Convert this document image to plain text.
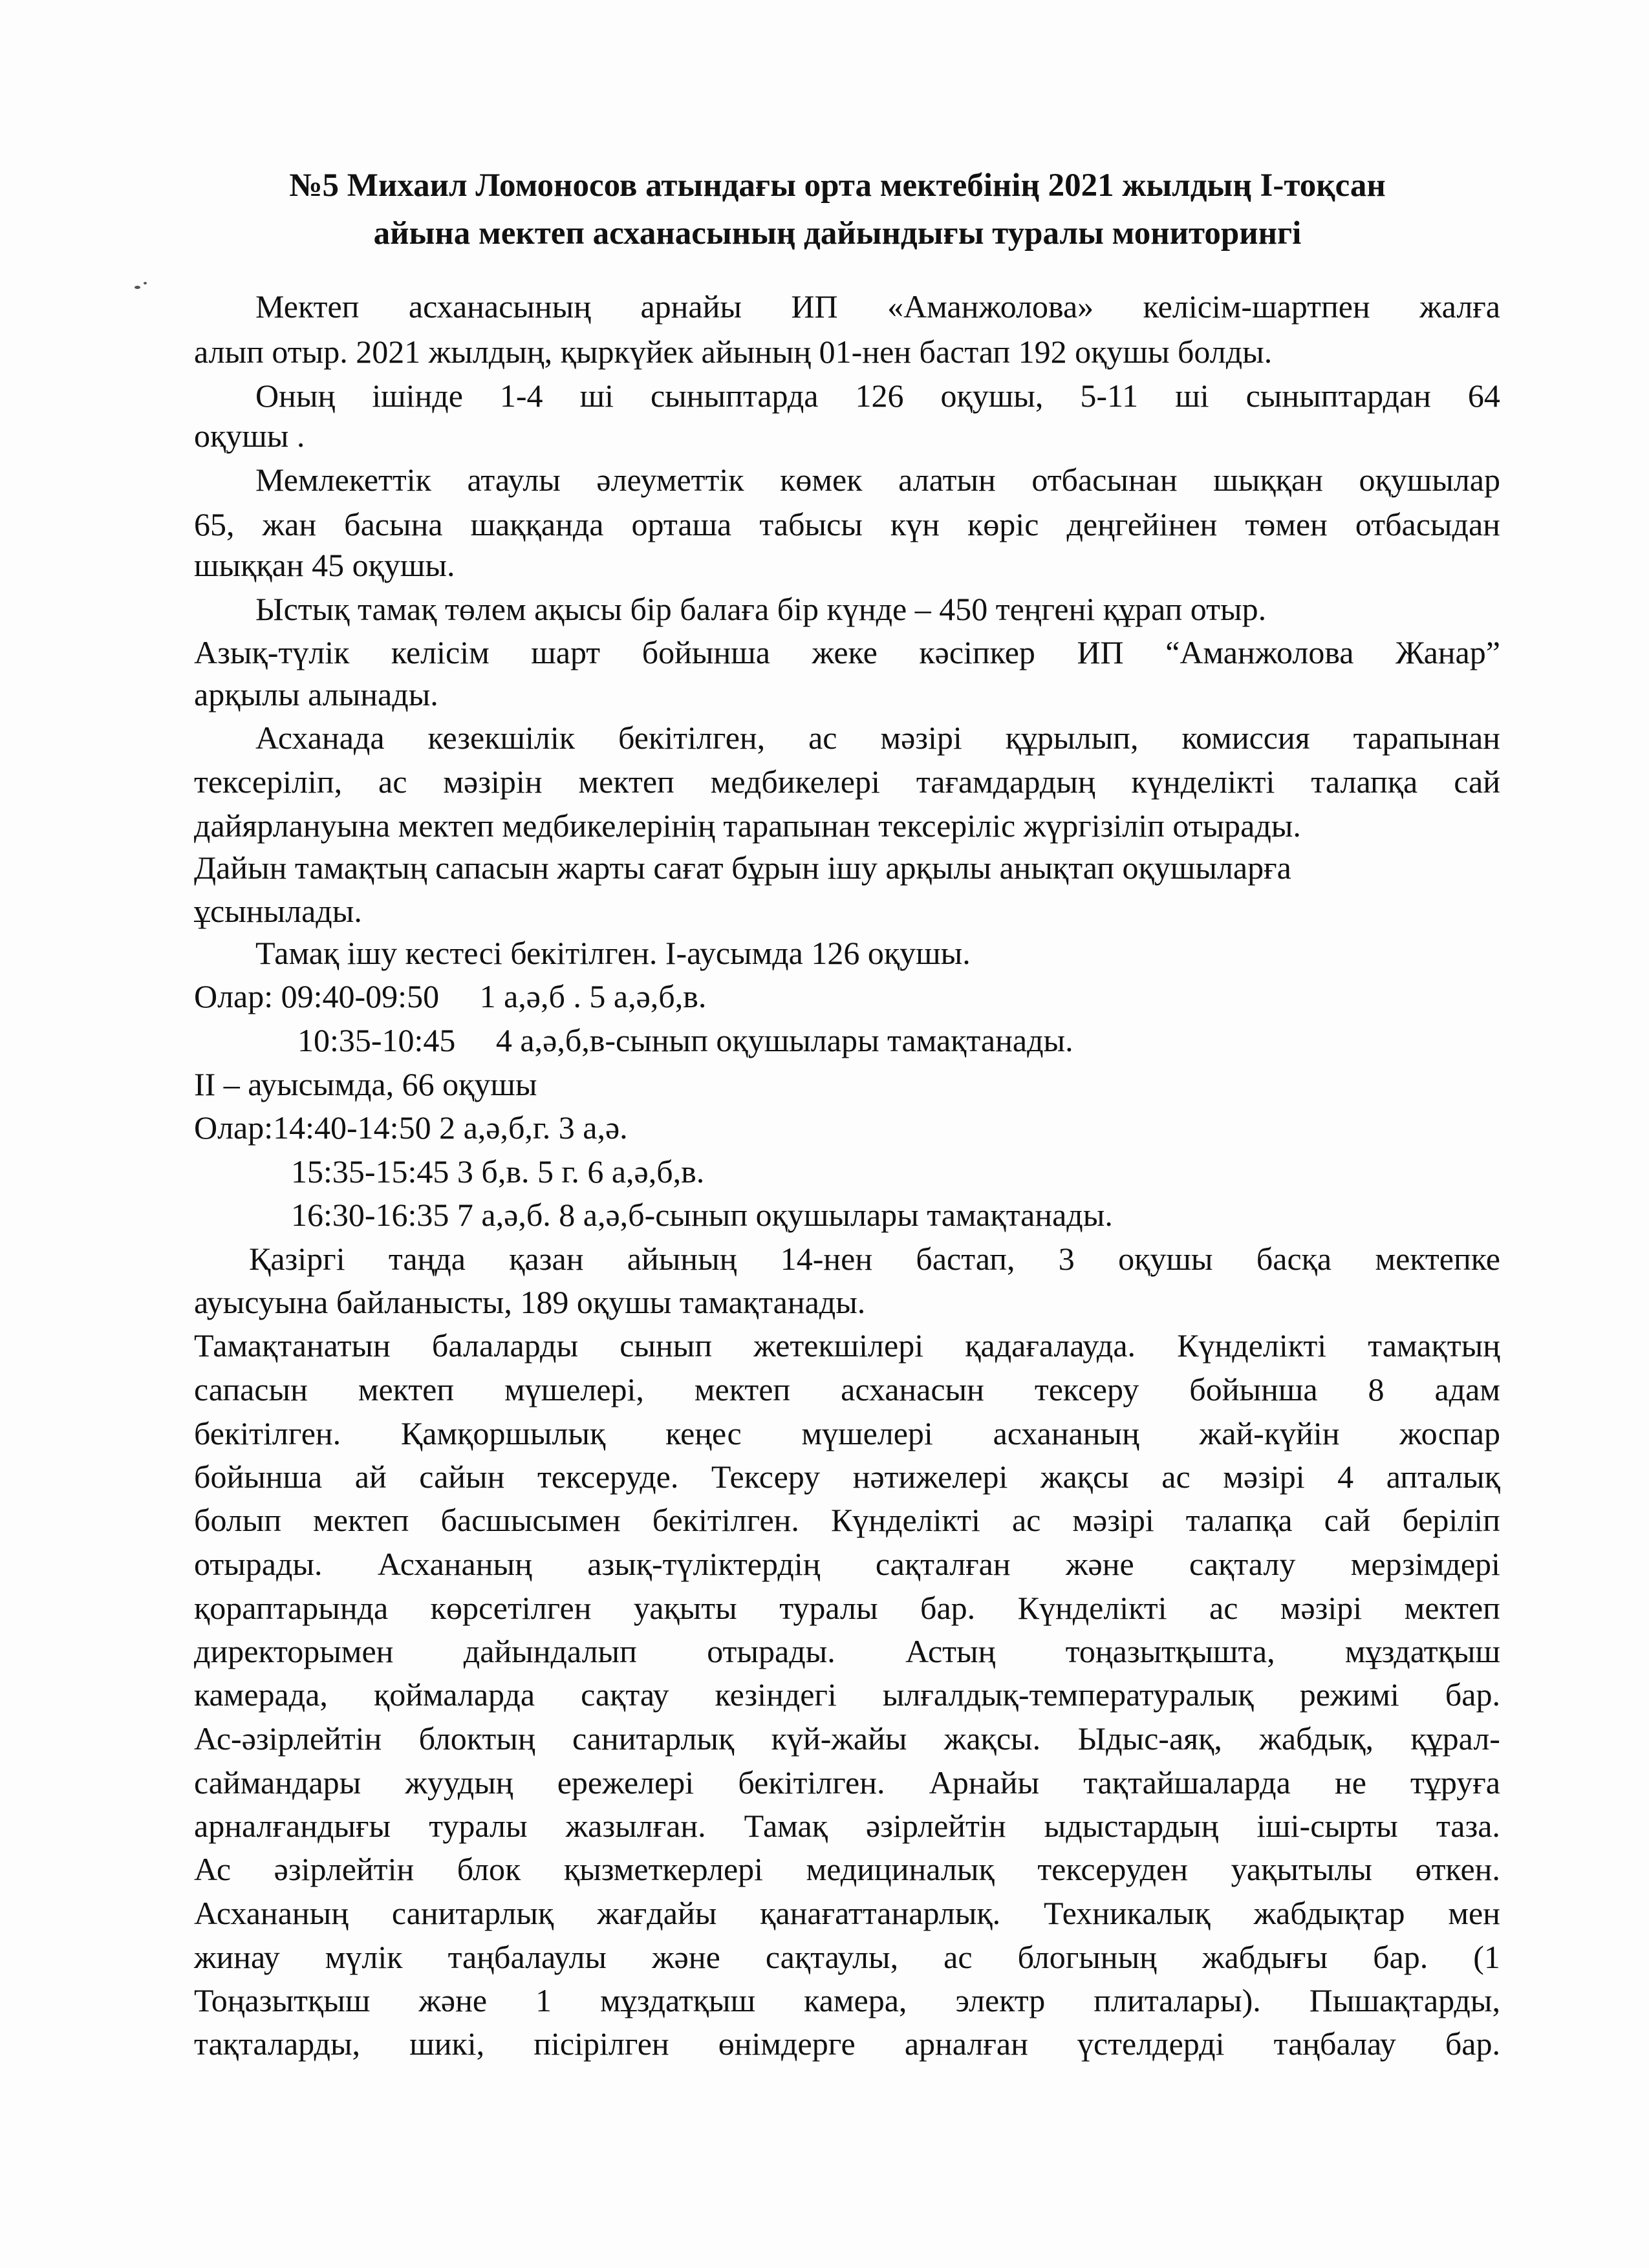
№5 Михаил Ломоносов атындағы орта мектебінің 2021 жылдың I-тоқсан
айына мектеп асханасының дайындығы туралы мониторингі
Мектеп асханасының арнайы ИП «Аманжолова» келісім-шартпен жалға
алып отыр. 2021 жылдың, қыркүйек айының 01-нен бастап 192 оқушы болды.
Оның ішінде 1-4 ші сыныптарда 126 оқушы, 5-11 ші сыныптардан 64
оқушы .
Мемлекеттік атаулы әлеуметтік көмек алатын отбасынан шыққан оқушылар
65, жан басына шаққанда орташа табысы күн көріс деңгейінен төмен отбасыдан
шыққан 45 оқушы.
Ыстық тамақ төлем ақысы бір балаға бір күнде – 450 теңгені құрап отыр.
Азық-түлік келісім шарт бойынша жеке кәсіпкер ИП “Аманжолова Жанар”
арқылы алынады.
Асханада кезекшілік бекітілген, ас мәзірі құрылып, комиссия тарапынан
тексеріліп, ас мәзірін мектеп медбикелері тағамдардың күнделікті талапқа сай
дайярлануына мектеп медбикелерінің тарапынан тексеріліс жүргізіліп отырады.
Дайын тамақтың сапасын жарты сағат бұрын ішу арқылы анықтап оқушыларға
ұсынылады.
Тамақ ішу кестесі бекітілген. I-аусымда 126 оқушы.
Олар: 09:40-09:50     1 а,ә,б . 5 а,ә,б,в.
10:35-10:45     4 а,ә,б,в-сынып оқушылары тамақтанады.
II – ауысымда, 66 оқушы
Олар:14:40-14:50 2 а,ә,б,г. 3 а,ә.
15:35-15:45 3 б,в. 5 г. 6 а,ә,б,в.
16:30-16:35 7 а,ә,б. 8 а,ә,б-сынып оқушылары тамақтанады.
Қазіргі таңда қазан айының 14-нен бастап, 3 оқушы басқа мектепке
ауысуына байланысты, 189 оқушы тамақтанады.
Тамақтанатын балаларды сынып жетекшілері қадағалауда. Күнделікті тамақтың
сапасын мектеп мүшелері, мектеп асханасын тексеру бойынша 8 адам
бекітілген. Қамқоршылық кеңес мүшелері асхананың жай-күйін жоспар
бойынша ай сайын тексеруде. Тексеру нәтижелері жақсы ас мәзірі 4 апталық
болып мектеп басшысымен бекітілген. Күнделікті ас мәзірі талапқа сай беріліп
отырады. Асхананың азық-түліктердің сақталған және сақталу мерзімдері
қораптарында көрсетілген уақыты туралы бар. Күнделікті ас мәзірі мектеп
директорымен дайындалып отырады. Астың тоңазытқышта, мұздатқыш
камерада, қоймаларда сақтау кезіндегі ылғалдық-температуралық режимі бар.
Ас-әзірлейтін блоктың санитарлық күй-жайы жақсы. Ыдыс-аяқ, жабдық, құрал-
саймандары жуудың ережелері бекітілген. Арнайы тақтайшаларда не тұруға
арналғандығы туралы жазылған. Тамақ әзірлейтін ыдыстардың іші-сырты таза.
Ас әзірлейтін блок қызметкерлері медициналық тексеруден уақытылы өткен.
Асхананың санитарлық жағдайы қанағаттанарлық. Техникалық жабдықтар мен
жинау мүлік таңбалаулы және сақтаулы, ас блогының жабдығы бар. (1
Тоңазытқыш және 1 мұздатқыш камера, электр плиталары). Пышақтарды,
тақталарды, шикі, пісірілген өнімдерге арналған үстелдерді таңбалау бар.
